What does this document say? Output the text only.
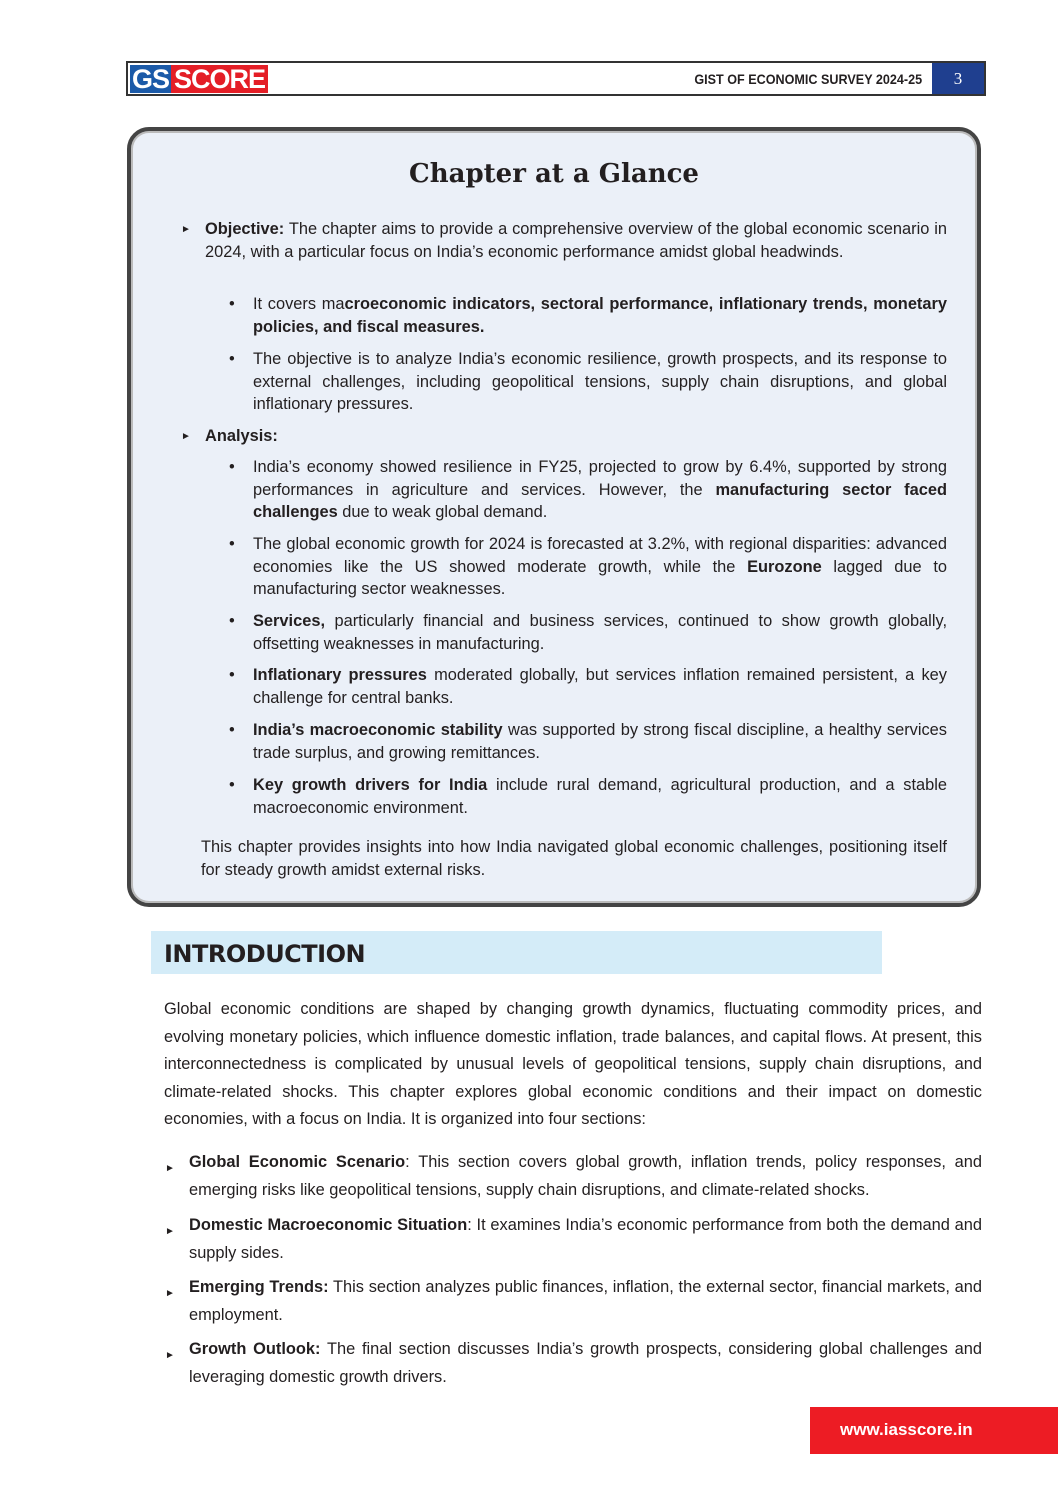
GS SCORE	GIST OF ECONOMIC SURVEY 2024-25	3
Chapter at a Glance
► Objective: The chapter aims to provide a comprehensive overview of the global economic scenario in 2024, with a particular focus on India’s economic performance amidst global headwinds.
• It covers macroeconomic indicators, sectoral performance, inflationary trends, monetary policies, and fiscal measures.
• The objective is to analyze India’s economic resilience, growth prospects, and its response to external challenges, including geopolitical tensions, supply chain disruptions, and global inflationary pressures.
► Analysis:
• India’s economy showed resilience in FY25, projected to grow by 6.4%, supported by strong performances in agriculture and services. However, the manufacturing sector faced challenges due to weak global demand.
• The global economic growth for 2024 is forecasted at 3.2%, with regional disparities: advanced economies like the US showed moderate growth, while the Eurozone lagged due to manufacturing sector weaknesses.
• Services, particularly financial and business services, continued to show growth globally, offsetting weaknesses in manufacturing.
• Inflationary pressures moderated globally, but services inflation remained persistent, a key challenge for central banks.
• India’s macroeconomic stability was supported by strong fiscal discipline, a healthy services trade surplus, and growing remittances.
• Key growth drivers for India include rural demand, agricultural production, and a stable macroeconomic environment.
This chapter provides insights into how India navigated global economic challenges, positioning itself for steady growth amidst external risks.
INTRODUCTION
Global economic conditions are shaped by changing growth dynamics, fluctuating commodity prices, and evolving monetary policies, which influence domestic inflation, trade balances, and capital flows. At present, this interconnectedness is complicated by unusual levels of geopolitical tensions, supply chain disruptions, and climate-related shocks. This chapter explores global economic conditions and their impact on domestic economies, with a focus on India. It is organized into four sections:
► Global Economic Scenario: This section covers global growth, inflation trends, policy responses, and emerging risks like geopolitical tensions, supply chain disruptions, and climate-related shocks.
► Domestic Macroeconomic Situation: It examines India’s economic performance from both the demand and supply sides.
► Emerging Trends: This section analyzes public finances, inflation, the external sector, financial markets, and employment.
► Growth Outlook: The final section discusses India’s growth prospects, considering global challenges and leveraging domestic growth drivers.
www.iasscore.in
